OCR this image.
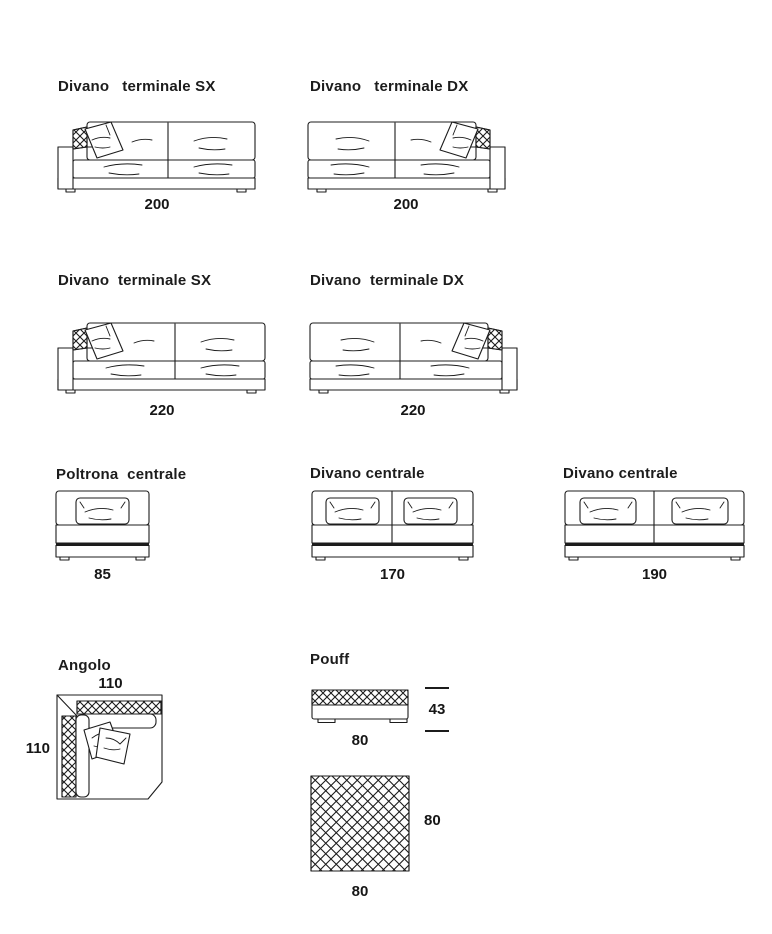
Divano   terminale SX
200
Divano   terminale DX
200
Divano  terminale SX
220
Divano  terminale DX
220
Poltrona  centrale
85
Divano centrale
170
Divano centrale
190
Angolo
110
110
Pouff
43
80
80
80
